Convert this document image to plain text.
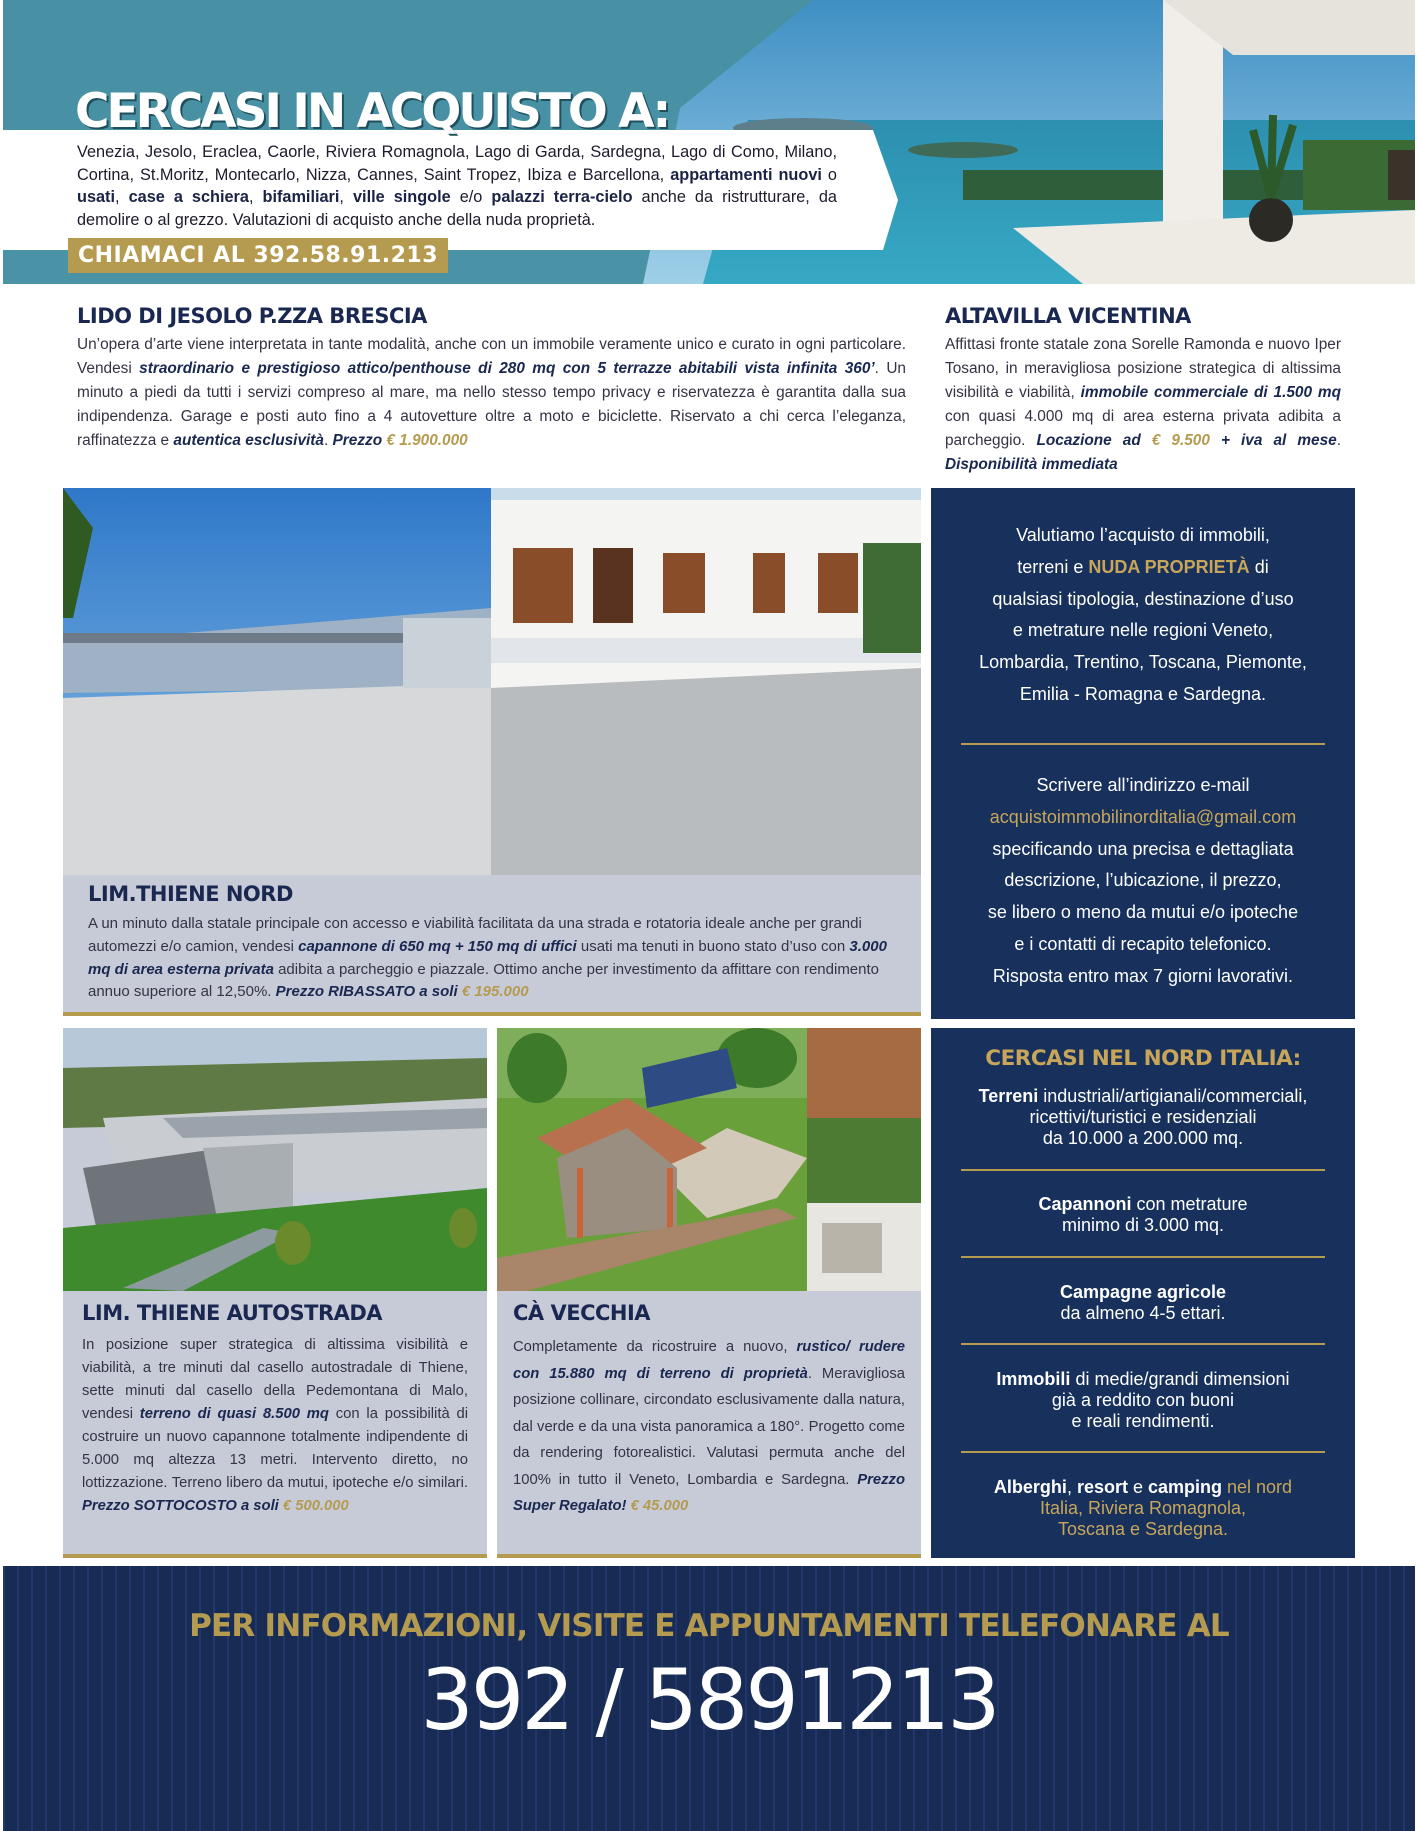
CERCASI IN ACQUISTO A:
Venezia, Jesolo, Eraclea, Caorle, Riviera Romagnola, Lago di Garda, Sardegna, Lago di Como, Milano, Cortina, St.Moritz, Montecarlo, Nizza, Cannes, Saint Tropez, Ibiza e Barcellona, appartamenti nuovi o usati, case a schiera, bifamiliari, ville singole e/o palazzi terra-cielo anche da ristrutturare, da demolire o al grezzo. Valutazioni di acquisto anche della nuda proprietà.
CHIAMACI AL 392.58.91.213
LIDO DI JESOLO P.ZZA BRESCIA
Un’opera d’arte viene interpretata in tante modalità, anche con un immobile veramente unico e curato in ogni particolare. Vendesi straordinario e prestigioso attico/penthouse di 280 mq con 5 terrazze abitabili vista infinita 360’. Un minuto a piedi da tutti i servizi compreso al mare, ma nello stesso tempo privacy e riservatezza è garantita dalla sua indipendenza. Garage e posti auto fino a 4 autovetture oltre a moto e biciclette. Riservato a chi cerca l’eleganza, raffinatezza e autentica esclusività. Prezzo € 1.900.000
ALTAVILLA VICENTINA
Affittasi fronte statale zona Sorelle Ramonda e nuovo Iper Tosano, in meravigliosa posizione strategica di altissima visibilità e viabilità, immobile commerciale di 1.500 mq con quasi 4.000 mq di area esterna privata adibita a parcheggio. Locazione ad € 9.500 + iva al mese. Disponibilità immediata
LIM.THIENE NORD
A un minuto dalla statale principale con accesso e viabilità facilitata da una strada e rotatoria ideale anche per grandi automezzi e/o camion, vendesi capannone di 650 mq + 150 mq di uffici usati ma tenuti in buono stato d’uso con 3.000 mq di area esterna privata adibita a parcheggio e piazzale. Ottimo anche per investimento da affittare con rendimento annuo superiore al 12,50%. Prezzo RIBASSATO a soli € 195.000
Valutiamo l’acquisto di immobili,
terreni e NUDA PROPRIETÀ di
qualsiasi tipologia, destinazione d’uso
e metrature nelle regioni Veneto,
Lombardia, Trentino, Toscana, Piemonte,
Emilia - Romagna e Sardegna.
Scrivere all’indirizzo e-mail
acquistoimmobilinorditalia@gmail.com
specificando una precisa e dettagliata
descrizione, l’ubicazione, il prezzo,
se libero o meno da mutui e/o ipoteche
e i contatti di recapito telefonico.
Risposta entro max 7 giorni lavorativi.
LIM. THIENE AUTOSTRADA
In posizione super strategica di altissima visibilità e viabilità, a tre minuti dal casello autostradale di Thiene, sette minuti dal casello della Pedemontana di Malo, vendesi terreno di quasi 8.500 mq con la possibilità di costruire un nuovo capannone totalmente indipendente di 5.000 mq altezza 13 metri. Intervento diretto, no lottizzazione. Terreno libero da mutui, ipoteche e/o similari. Prezzo SOTTOCOSTO a soli € 500.000
CÀ VECCHIA
Completamente da ricostruire a nuovo, rustico/ rudere con 15.880 mq di terreno di proprietà. Meravigliosa posizione collinare, circondato esclusivamente dalla natura, dal verde e da una vista panoramica a 180°. Progetto come da rendering fotorealistici. Valutasi permuta anche del 100% in tutto il Veneto, Lombardia e Sardegna. Prezzo Super Regalato! € 45.000
CERCASI NEL NORD ITALIA:
Terreni industriali/artigianali/commerciali,
ricettivi/turistici e residenziali
da 10.000 a 200.000 mq.
Capannoni con metrature
minimo di 3.000 mq.
Campagne agricole
da almeno 4-5 ettari.
Immobili di medie/grandi dimensioni
già a reddito con buoni
e reali rendimenti.
Alberghi, resort e camping nel nord
Italia, Riviera Romagnola,
Toscana e Sardegna.
PER INFORMAZIONI, VISITE E APPUNTAMENTI TELEFONARE AL
392 / 5891213
